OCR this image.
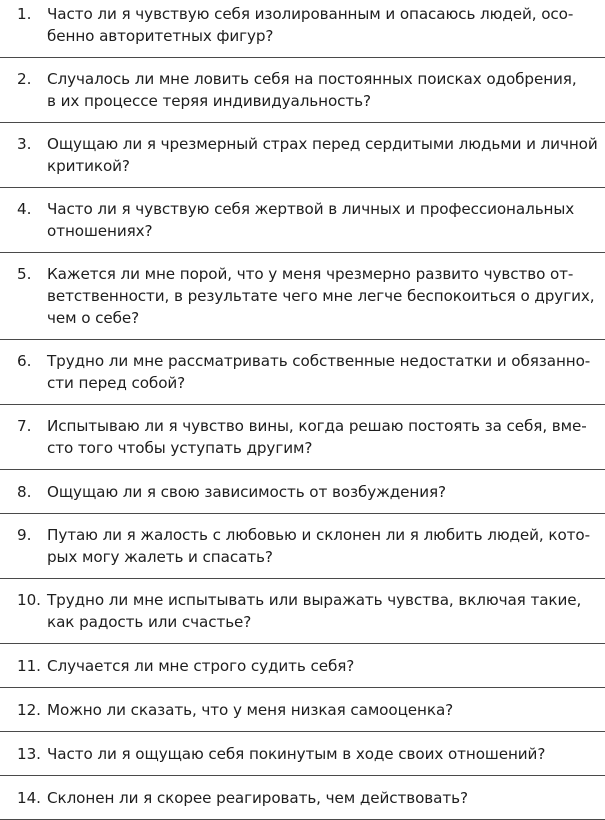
1.	Часто ли я чувствую себя изолированным и опасаюсь людей, осо-
бенно авторитетных фигур?
2.	Случалось ли мне ловить себя на постоянных поисках одобрения,
в их процессе теряя индивидуальность?
3.	Ощущаю ли я чрезмерный страх перед сердитыми людьми и личной
критикой?
4.	Часто ли я чувствую себя жертвой в личных и профессиональных
отношениях?
5.	Кажется ли мне порой, что у меня чрезмерно развито чувство от-
ветственности, в результате чего мне легче беспокоиться о других,
чем о себе?
6.	Трудно ли мне рассматривать собственные недостатки и обязанно-
сти перед собой?
7.	Испытываю ли я чувство вины, когда решаю постоять за себя, вме-
сто того чтобы уступать другим?
8.	Ощущаю ли я свою зависимость от возбуждения?
9.	Путаю ли я жалость с любовью и склонен ли я любить людей, кото-
рых могу жалеть и спасать?
10.	Трудно ли мне испытывать или выражать чувства, включая такие,
как радость или счастье?
11.	Случается ли мне строго судить себя?
12.	Можно ли сказать, что у меня низкая самооценка?
13.	Часто ли я ощущаю себя покинутым в ходе своих отношений?
14.	Склонен ли я скорее реагировать, чем действовать?
